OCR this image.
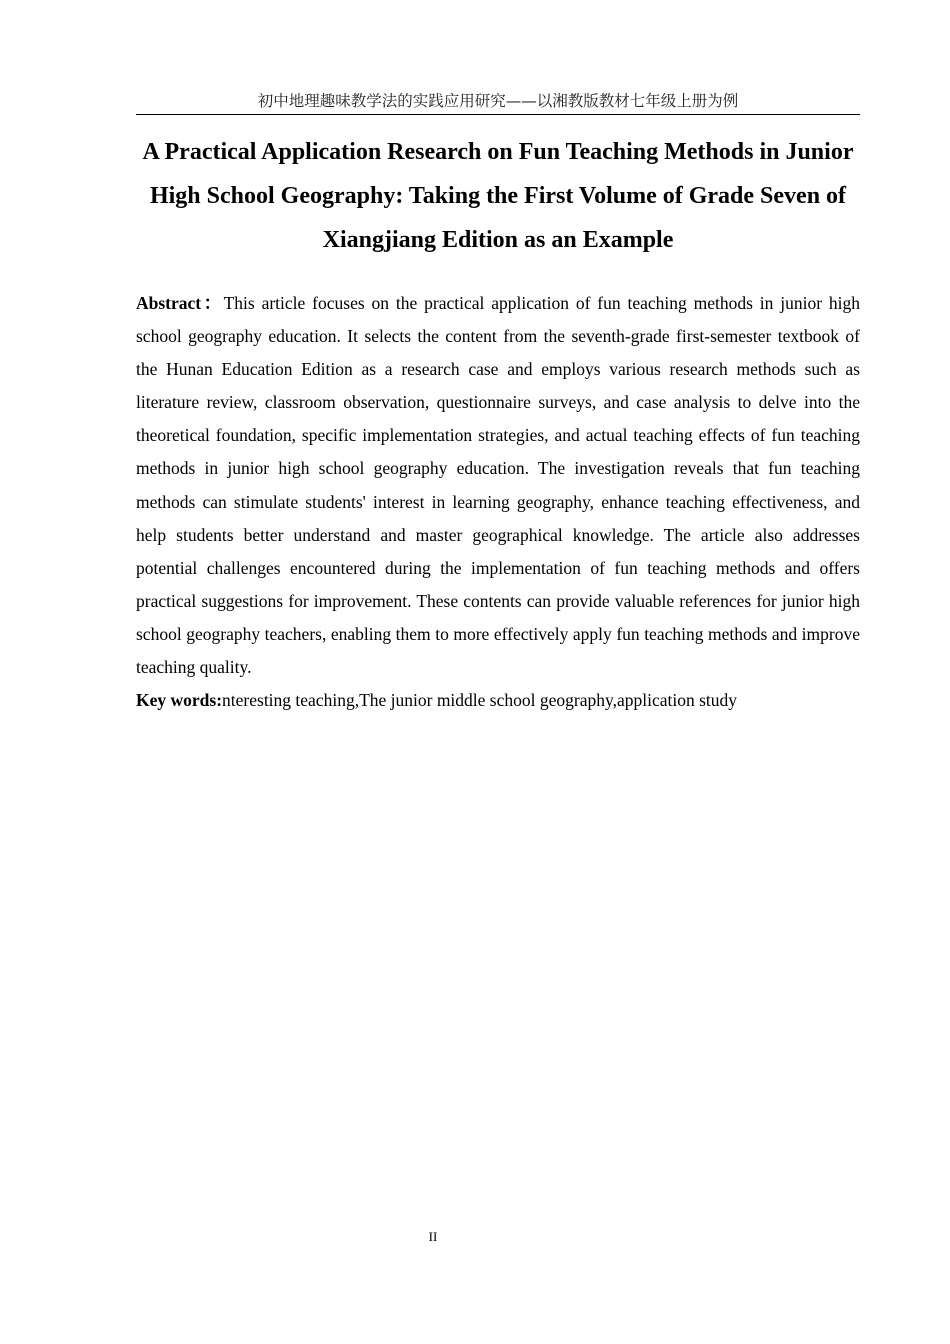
初中地理趣味教学法的实践应用研究——以湘教版教材七年级上册为例
A Practical Application Research on Fun Teaching Methods in Junior High School Geography: Taking the First Volume of Grade Seven of Xiangjiang Edition as an Example

Abstract：This article focuses on the practical application of fun teaching methods in junior high school geography education. It selects the content from the seventh-grade first-semester textbook of the Hunan Education Edition as a research case and employs various research methods such as literature review, classroom observation, questionnaire surveys, and case analysis to delve into the theoretical foundation, specific implementation strategies, and actual teaching effects of fun teaching methods in junior high school geography education. The investigation reveals that fun teaching methods can stimulate students' interest in learning geography, enhance teaching effectiveness, and help students better understand and master geographical knowledge. The article also addresses potential challenges encountered during the implementation of fun teaching methods and offers practical suggestions for improvement. These contents can provide valuable references for junior high school geography teachers, enabling them to more effectively apply fun teaching methods and improve teaching quality.

Key words:nteresting teaching,The junior middle school geography,application study

II
